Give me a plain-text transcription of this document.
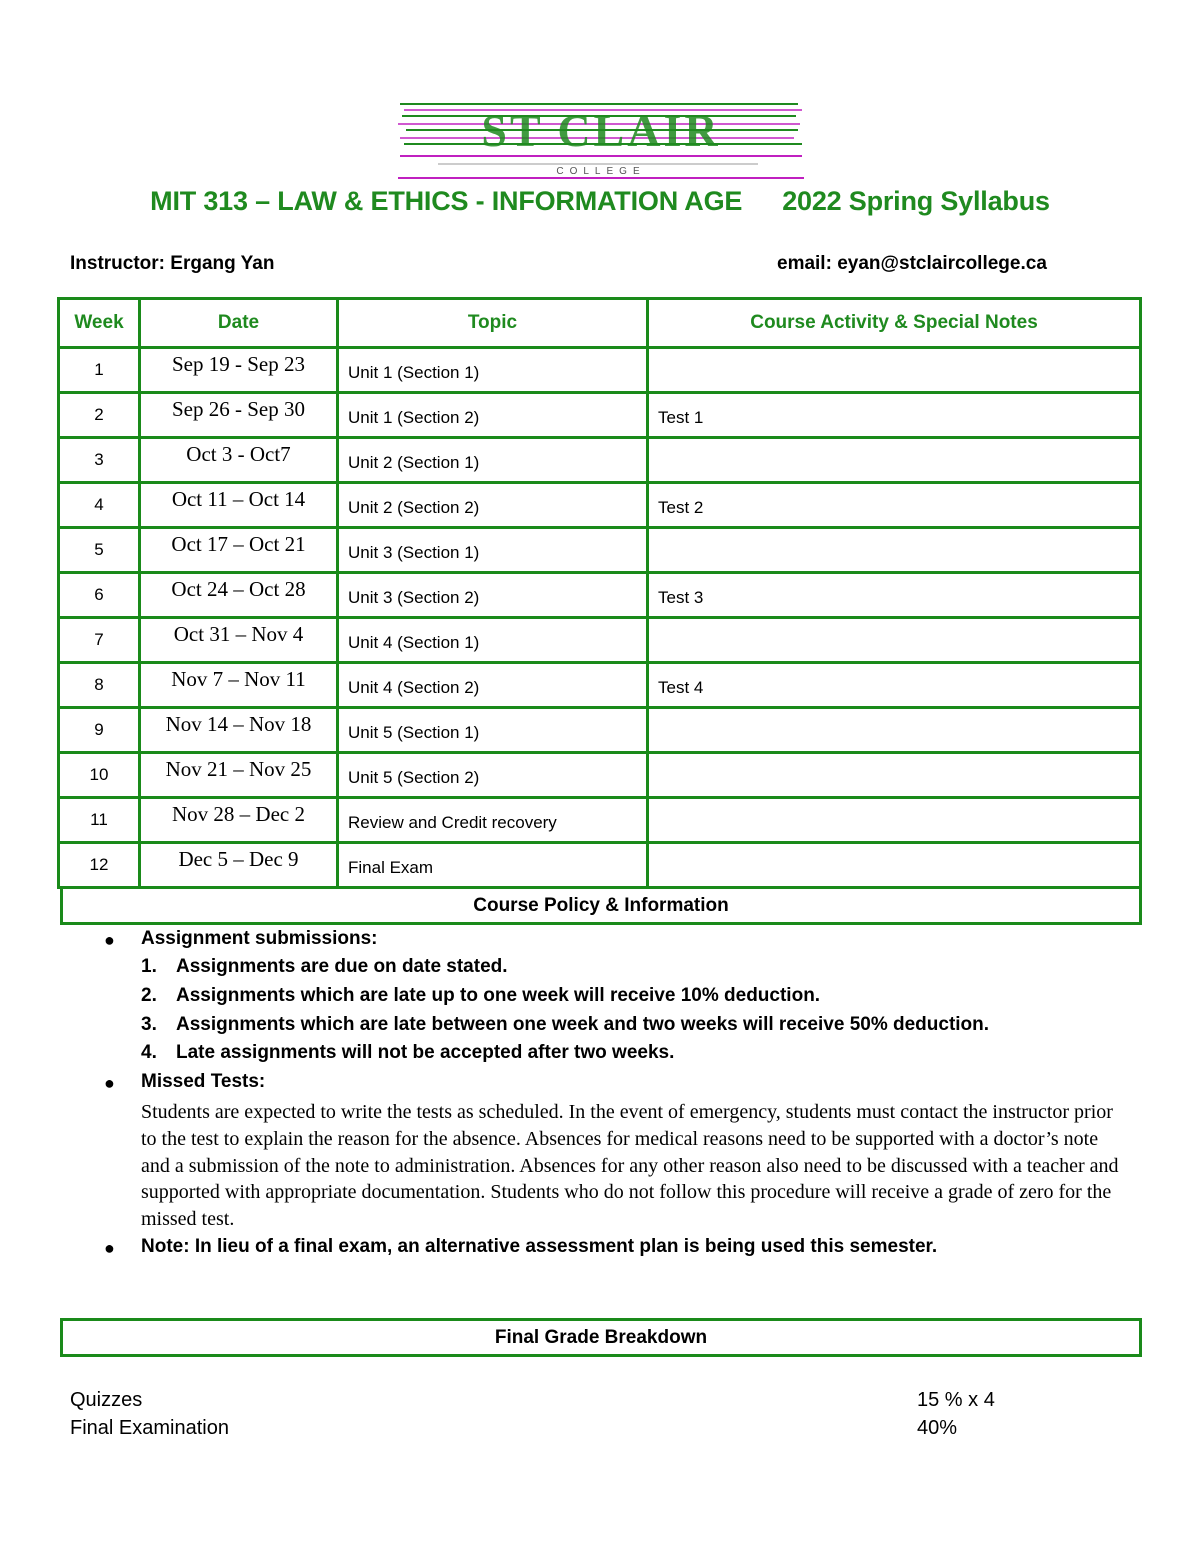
ST CLAIR
COLLEGE
MIT 313 – LAW & ETHICS - INFORMATION AGE 2022 Spring Syllabus
Instructor: Ergang Yan	email: eyan@stclaircollege.ca
Week	Date	Topic	Course Activity & Special Notes
1	Sep 19 - Sep 23	Unit 1 (Section 1)	
2	Sep 26 - Sep 30	Unit 1 (Section 2)	Test 1
3	Oct 3 - Oct7	Unit 2 (Section 1)	
4	Oct 11 – Oct 14	Unit 2 (Section 2)	Test 2
5	Oct 17 – Oct 21	Unit 3 (Section 1)	
6	Oct 24 – Oct 28	Unit 3 (Section 2)	Test 3
7	Oct 31 – Nov 4	Unit 4 (Section 1)	
8	Nov 7 – Nov 11	Unit 4 (Section 2)	Test 4
9	Nov 14 – Nov 18	Unit 5 (Section 1)	
10	Nov 21 – Nov 25	Unit 5 (Section 2)	
11	Nov 28 – Dec 2	Review and Credit recovery	
12	Dec 5 – Dec 9	Final Exam	
Course Policy & Information
● Assignment submissions:
1. Assignments are due on date stated.
2. Assignments which are late up to one week will receive 10% deduction.
3. Assignments which are late between one week and two weeks will receive 50% deduction.
4. Late assignments will not be accepted after two weeks.
● Missed Tests:
Students are expected to write the tests as scheduled. In the event of emergency, students must contact the instructor prior to the test to explain the reason for the absence. Absences for medical reasons need to be supported with a doctor’s note and a submission of the note to administration. Absences for any other reason also need to be discussed with a teacher and supported with appropriate documentation. Students who do not follow this procedure will receive a grade of zero for the missed test.
● Note: In lieu of a final exam, an alternative assessment plan is being used this semester.
Final Grade Breakdown
Quizzes	15 % x 4
Final Examination	40%
